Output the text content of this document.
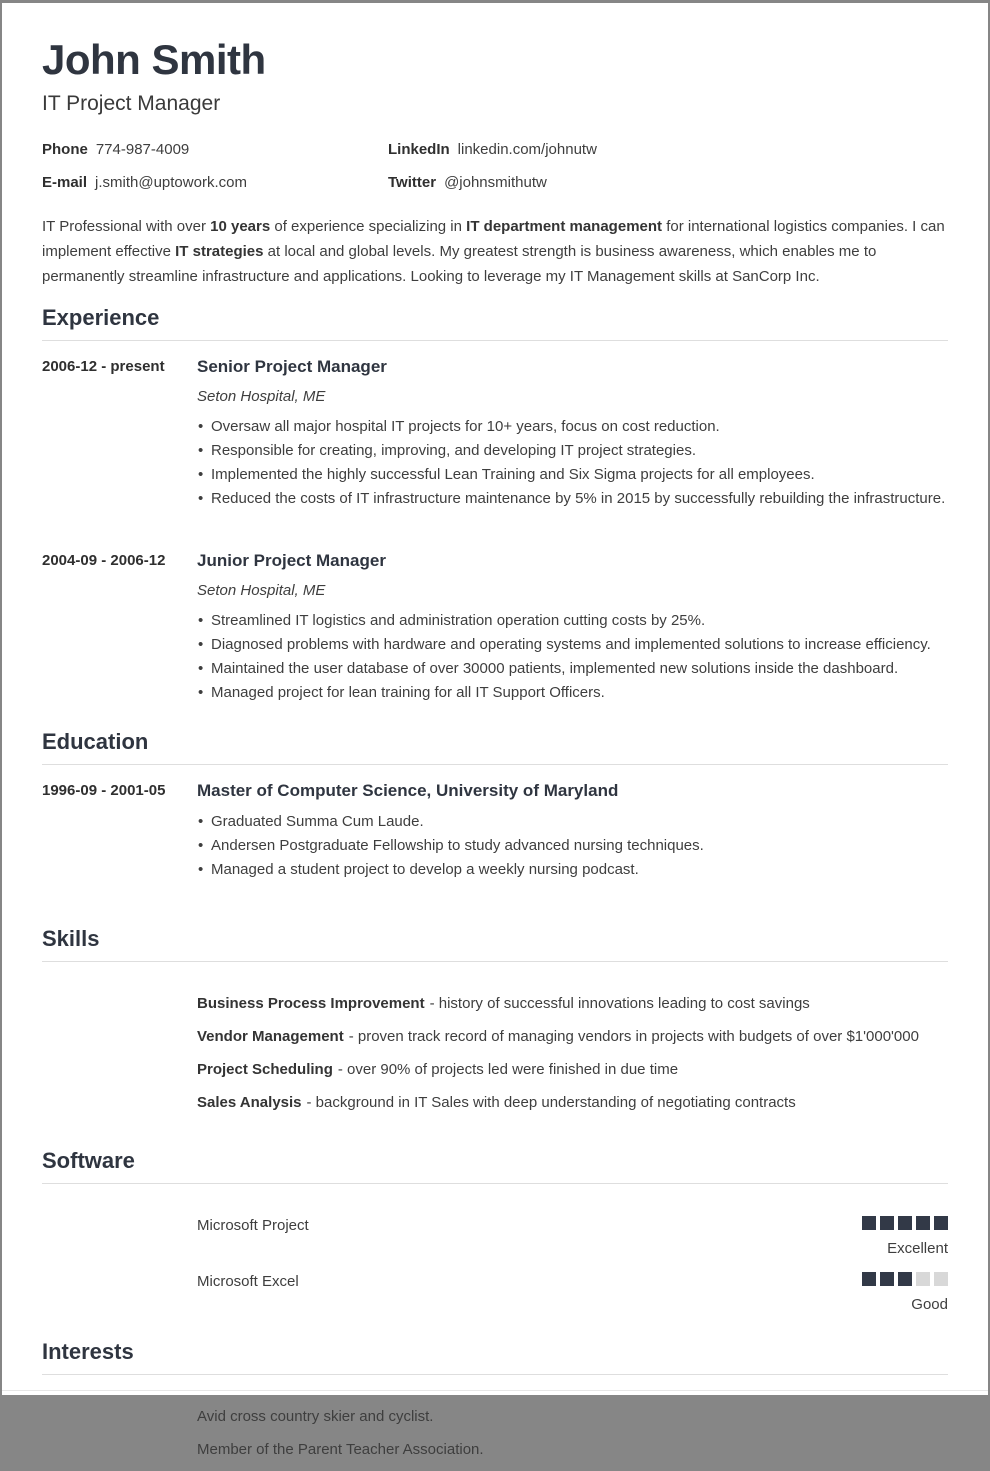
John Smith
IT Project Manager
Phone 774-987-4009	LinkedIn linkedin.com/johnutw
E-mail j.smith@uptowork.com	Twitter @johnsmithutw

IT Professional with over 10 years of experience specializing in IT department management for international logistics companies. I can implement effective IT strategies at local and global levels. My greatest strength is business awareness, which enables me to permanently streamline infrastructure and applications. Looking to leverage my IT Management skills at SanCorp Inc.

Experience
2006-12 - present	Senior Project Manager
Seton Hospital, ME
• Oversaw all major hospital IT projects for 10+ years, focus on cost reduction.
• Responsible for creating, improving, and developing IT project strategies.
• Implemented the highly successful Lean Training and Six Sigma projects for all employees.
• Reduced the costs of IT infrastructure maintenance by 5% in 2015 by successfully rebuilding the infrastructure.
2004-09 - 2006-12	Junior Project Manager
Seton Hospital, ME
• Streamlined IT logistics and administration operation cutting costs by 25%.
• Diagnosed problems with hardware and operating systems and implemented solutions to increase efficiency.
• Maintained the user database of over 30000 patients, implemented new solutions inside the dashboard.
• Managed project for lean training for all IT Support Officers.
Education
1996-09 - 2001-05	Master of Computer Science, University of Maryland
• Graduated Summa Cum Laude.
• Andersen Postgraduate Fellowship to study advanced nursing techniques.
• Managed a student project to develop a weekly nursing podcast.
Skills
Business Process Improvement - history of successful innovations leading to cost savings
Vendor Management - proven track record of managing vendors in projects with budgets of over $1'000'000
Project Scheduling - over 90% of projects led were finished in due time
Sales Analysis - background in IT Sales with deep understanding of negotiating contracts
Software
Microsoft Project
Excellent
Microsoft Excel
Good
Interests
Avid cross country skier and cyclist.
Member of the Parent Teacher Association.
